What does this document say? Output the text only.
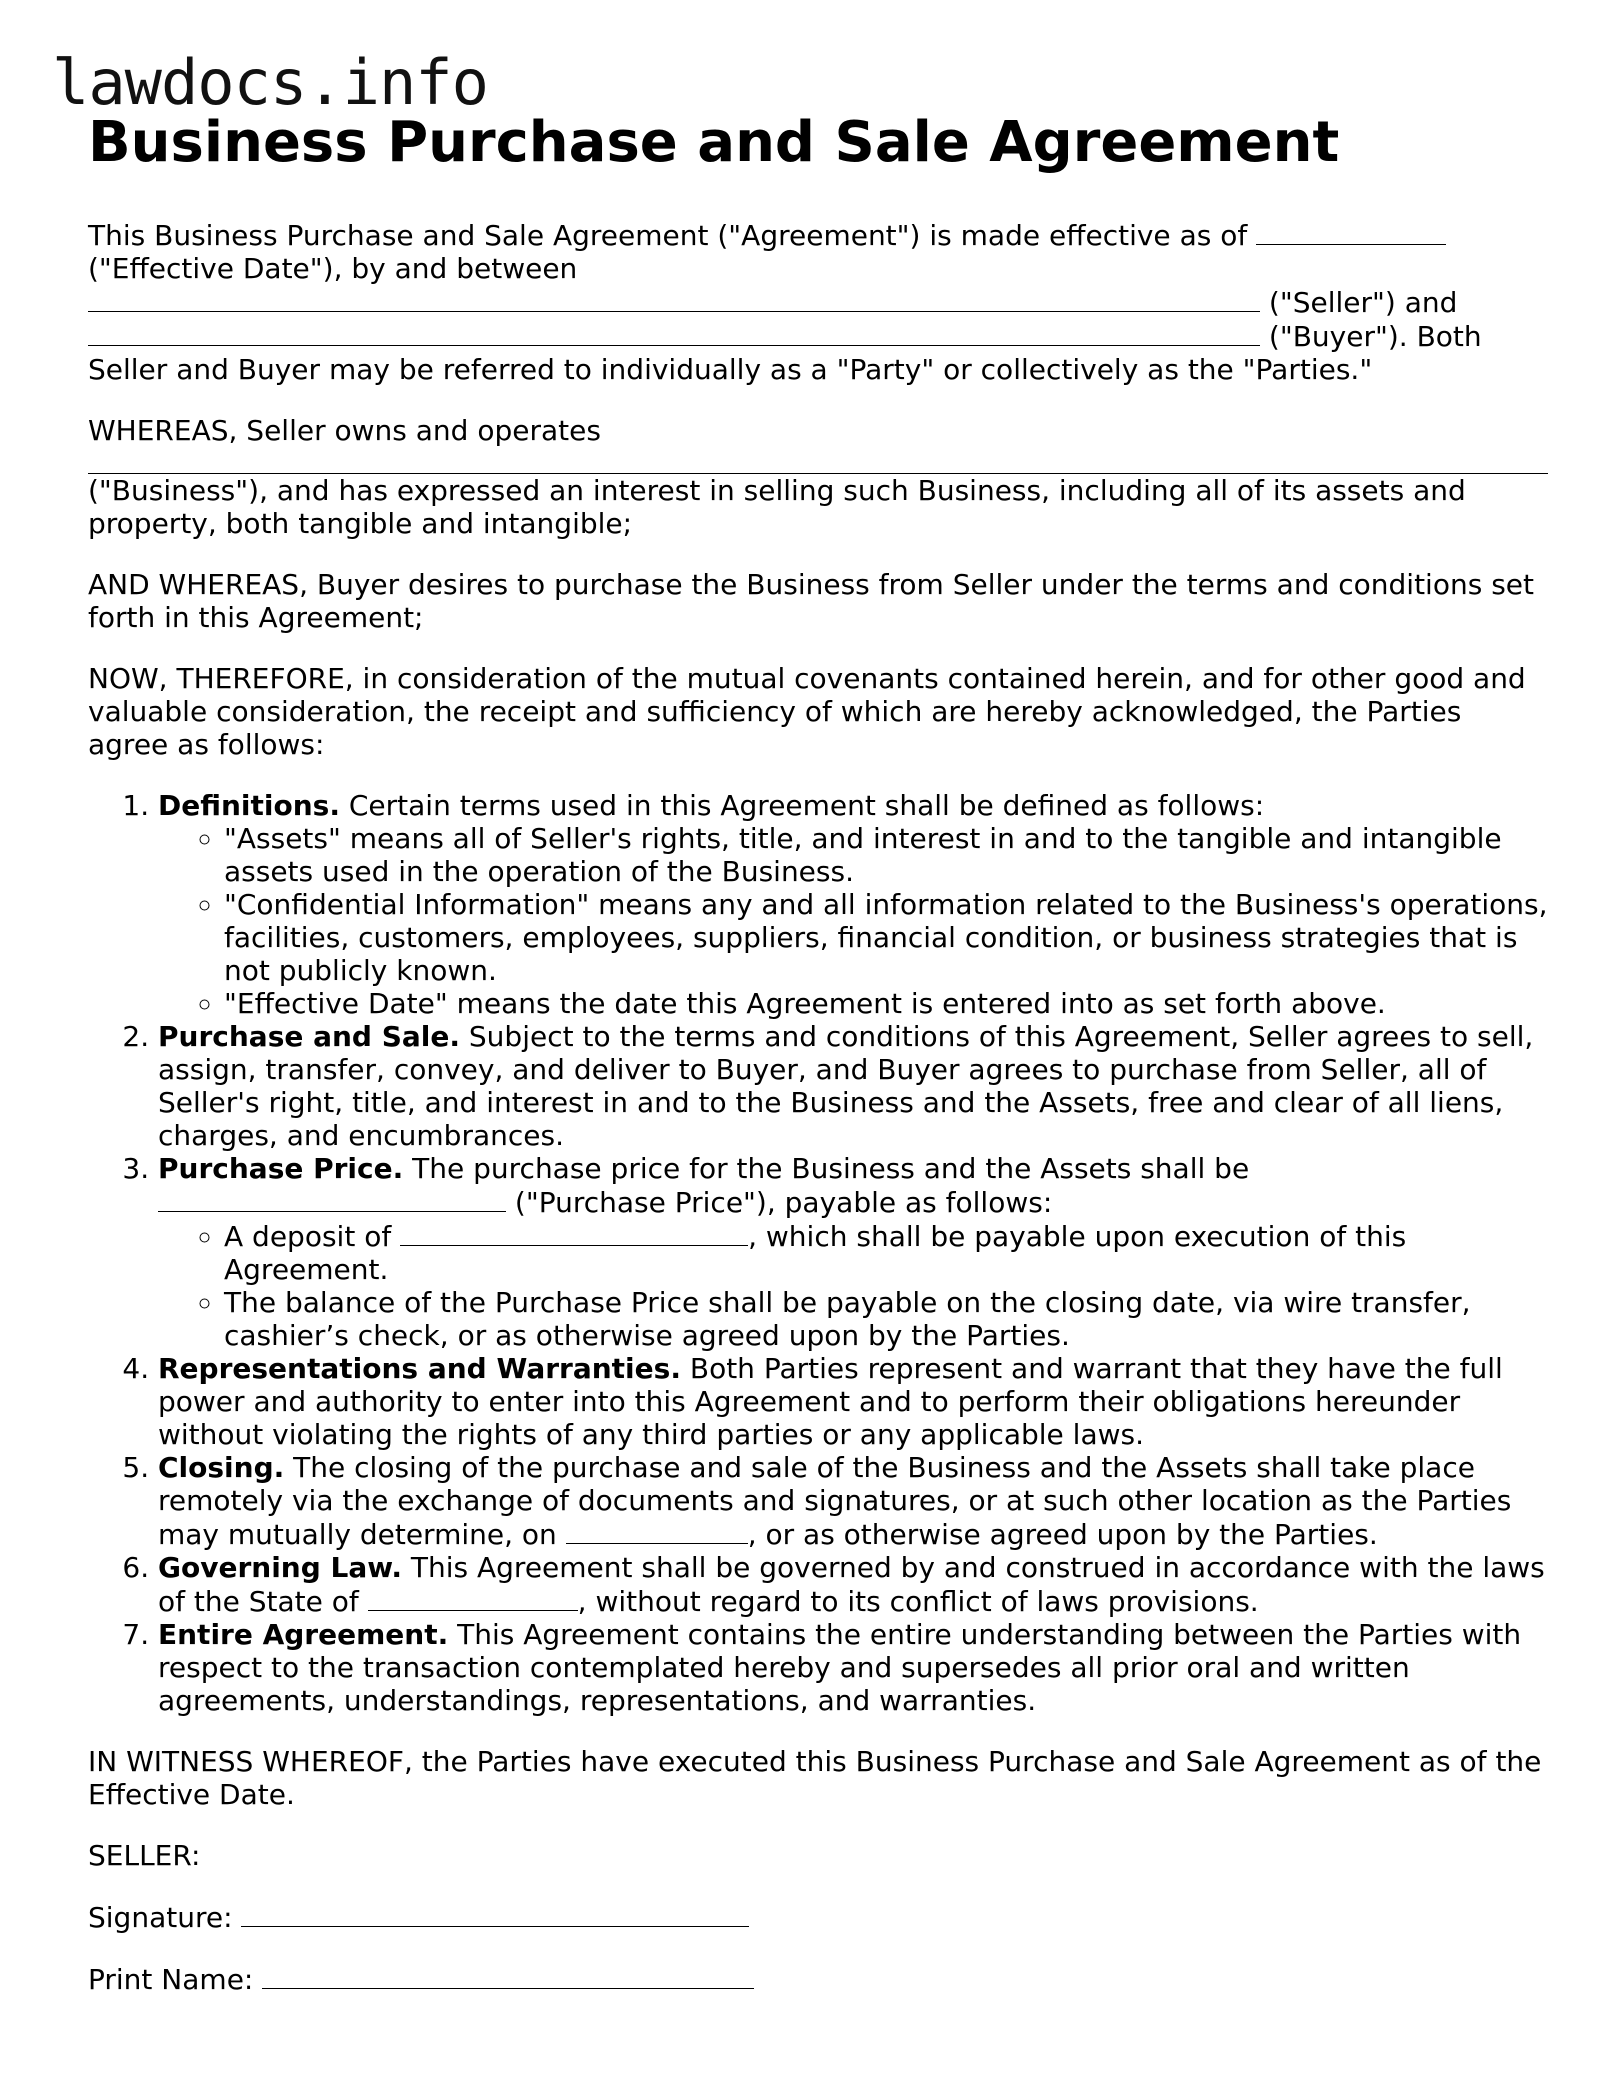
lawdocs.info
Business Purchase and Sale Agreement

This Business Purchase and Sale Agreement ("Agreement") is made effective as of
("Effective Date"), by and between
("Seller") and
("Buyer"). Both
Seller and Buyer may be referred to individually as a "Party" or collectively as the "Parties."

WHEREAS, Seller owns and operates
("Business"), and has expressed an interest in selling such Business, including all of its assets and property, both tangible and intangible;

AND WHEREAS, Buyer desires to purchase the Business from Seller under the terms and conditions set forth in this Agreement;

NOW, THEREFORE, in consideration of the mutual covenants contained herein, and for other good and valuable consideration, the receipt and sufficiency of which are hereby acknowledged, the Parties agree as follows:

1. Definitions. Certain terms used in this Agreement shall be defined as follows:
◦ "Assets" means all of Seller's rights, title, and interest in and to the tangible and intangible assets used in the operation of the Business.
◦ "Confidential Information" means any and all information related to the Business's operations, facilities, customers, employees, suppliers, financial condition, or business strategies that is not publicly known.
◦ "Effective Date" means the date this Agreement is entered into as set forth above.
2. Purchase and Sale. Subject to the terms and conditions of this Agreement, Seller agrees to sell, assign, transfer, convey, and deliver to Buyer, and Buyer agrees to purchase from Seller, all of Seller's right, title, and interest in and to the Business and the Assets, free and clear of all liens, charges, and encumbrances.
3. Purchase Price. The purchase price for the Business and the Assets shall be
("Purchase Price"), payable as follows:
◦ A deposit of	, which shall be payable upon execution of this Agreement.
◦ The balance of the Purchase Price shall be payable on the closing date, via wire transfer, cashier’s check, or as otherwise agreed upon by the Parties.
4. Representations and Warranties. Both Parties represent and warrant that they have the full power and authority to enter into this Agreement and to perform their obligations hereunder without violating the rights of any third parties or any applicable laws.
5. Closing. The closing of the purchase and sale of the Business and the Assets shall take place remotely via the exchange of documents and signatures, or at such other location as the Parties may mutually determine, on	, or as otherwise agreed upon by the Parties.
6. Governing Law. This Agreement shall be governed by and construed in accordance with the laws of the State of	, without regard to its conflict of laws provisions.
7. Entire Agreement. This Agreement contains the entire understanding between the Parties with respect to the transaction contemplated hereby and supersedes all prior oral and written agreements, understandings, representations, and warranties.

IN WITNESS WHEREOF, the Parties have executed this Business Purchase and Sale Agreement as of the Effective Date.

SELLER:

Signature:

Print Name:
